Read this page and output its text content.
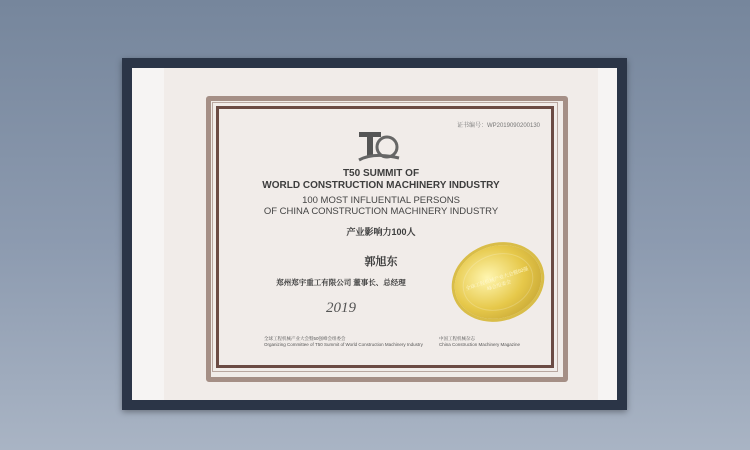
证书编号：WP2019090200130
T50 SUMMIT OF
WORLD CONSTRUCTION MACHINERY INDUSTRY
100 MOST INFLUENTIAL PERSONS
OF CHINA CONSTRUCTION MACHINERY INDUSTRY
产业影响力100人
郭旭东
郑州郑宇重工有限公司 董事长、总经理
2019
全球工程机械产业大会暨50强峰会组委会
全球工程机械产业大会暨50强峰会组委会
Organizing Committee of T50 Summit of World Construction Machinery Industry
中国工程机械杂志
China Construction Machinery Magazine
